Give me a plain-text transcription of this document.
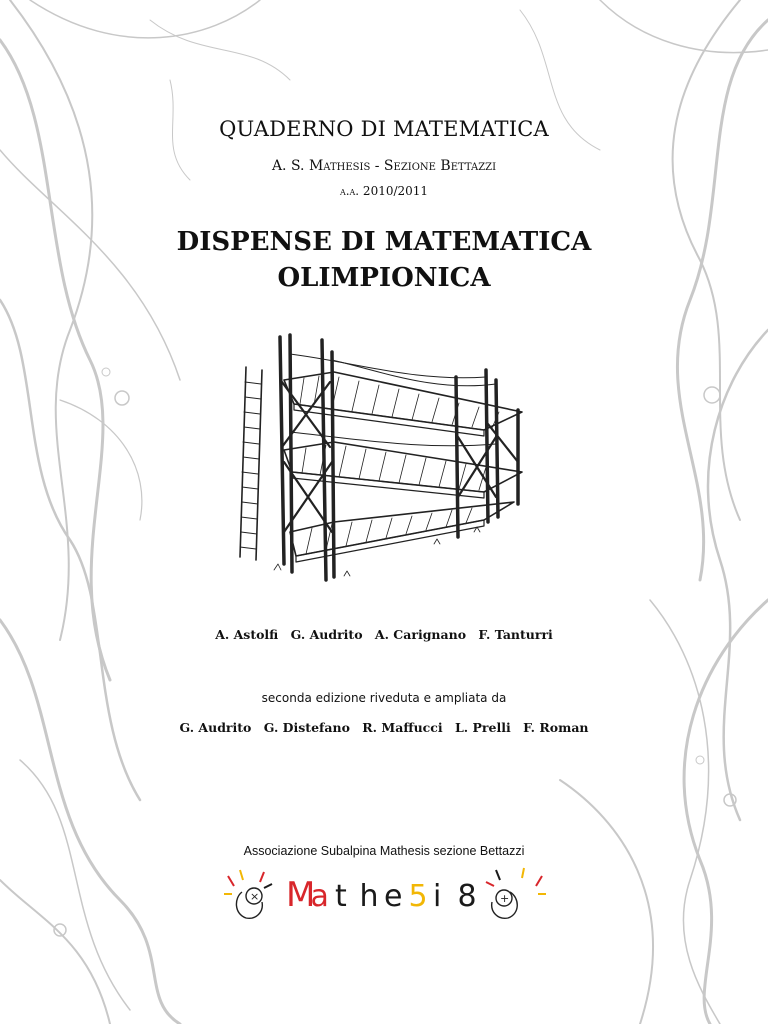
QUADERNO DI MATEMATICA
A. S. Mathesis - Sezione Bettazzi
a.a. 2010/2011
DISPENSE DI MATEMATICA
OLIMPIONICA
A. Astolfi G. Audrito A. Carignano F. Tanturri
seconda edizione riveduta e ampliata da
G. Audrito G. Distefano R. Maffucci L. Prelli F. Roman
Associazione Subalpina Mathesis sezione Bettazzi
×	+
M
a t h e 5 i 8
